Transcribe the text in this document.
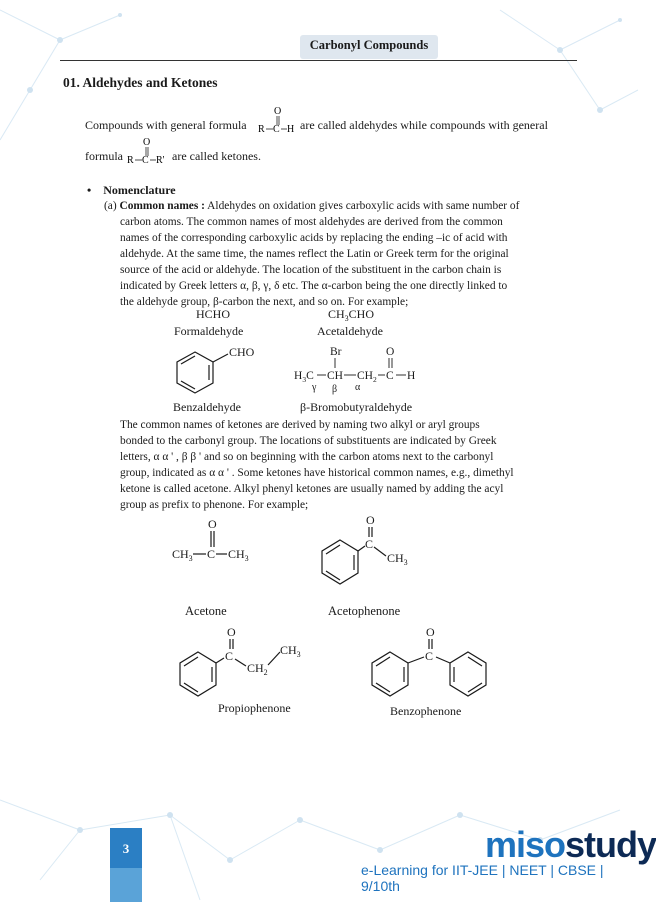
Carbonyl Compounds
01. Aldehydes and Ketones
Compounds with general formula
O
R C H are called aldehydes while compounds with general
formula
O
R C R' are called ketones.
• Nomenclature
(a) Common names : Aldehydes on oxidation gives carboxylic acids with same number of
carbon atoms. The common names of most aldehydes are derived from the common
names of the corresponding carboxylic acids by replacing the ending –ic of acid with
aldehyde. At the same time, the names reflect the Latin or Greek term for the original
source of the acid or aldehyde. The location of the substituent in the carbon chain is
indicated by Greek letters α, β, γ, δ etc. The α-carbon being the one directly linked to
the aldehyde group, β-carbon the next, and so on. For example;
HCHO
Formaldehyde
$CH_3CHO$
Acetaldehyde
CHO
Benzaldehyde
Br	O
$H_3C$ CH $CH_2$ C H
γ β α
β-Bromobutyraldehyde
The common names of ketones are derived by naming two alkyl or aryl groups
bonded to the carbonyl group. The locations of substituents are indicated by Greek
letters, α α ' , β β ' and so on beginning with the carbon atoms next to the carbonyl
group, indicated as α α ' . Some ketones have historical common names, e.g., dimethyl
ketone is called acetone. Alkyl phenyl ketones are usually named by adding the acyl
group as prefix to phenone. For example;
O
$CH_3$ C $CH_3$
Acetone
O
C
$CH_3$
Acetophenone
O
C
$CH_2$
$CH_3$
Propiophenone
O
C
Benzophenone
3	misostudy
e-Learning for IIT-JEE | NEET | CBSE | 9/10th
